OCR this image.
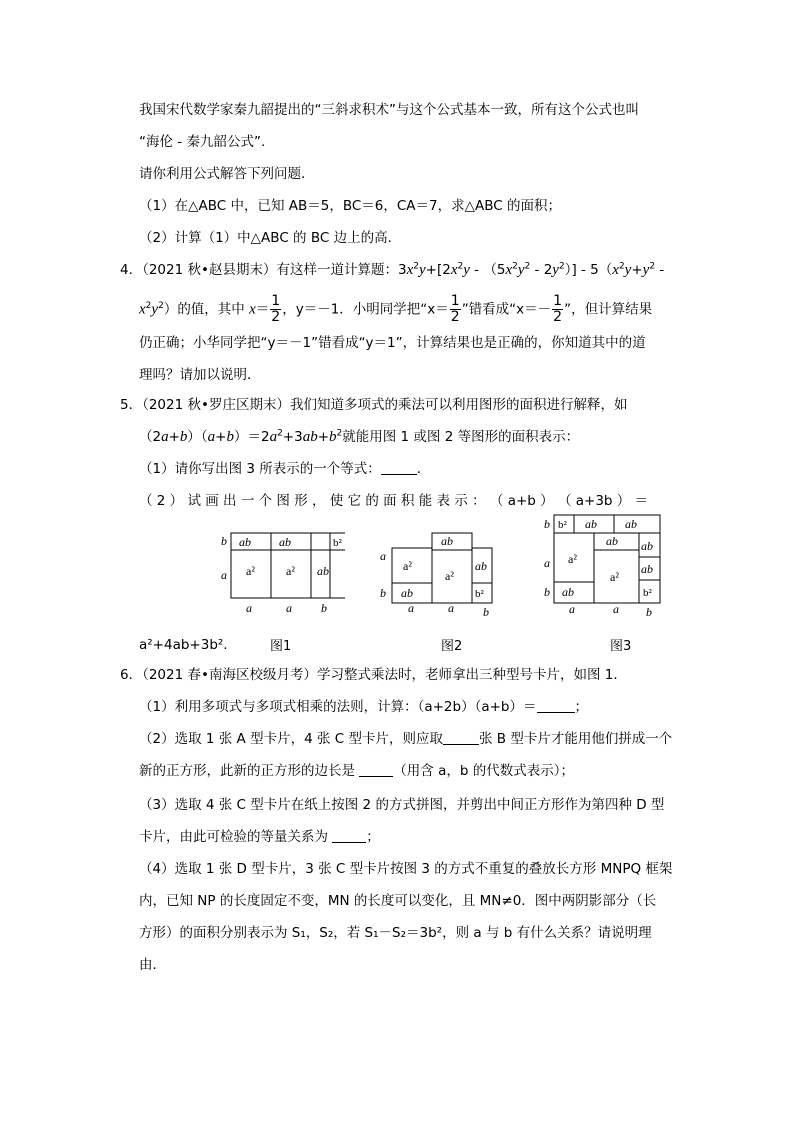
我国宋代数学家秦九韶提出的“三斜求积术”与这个公式基本一致，所有这个公式也叫
“海伦 - 秦九韶公式”.
请你利用公式解答下列问题．
（1）在△ABC 中，已知 AB＝5，BC＝6，CA＝7，求△ABC 的面积；
（2）计算（1）中△ABC 的 BC 边上的高．
4．（2021 秋•赵县期末）有这样一道计算题：$3x^2y+[2x^2y - (5x^2y^2 - 2y^2)] - 5(x^2y+y^2$ -
$x^2y^2$）的值，其中 $x= \frac{1}{2}$ ，y＝－1．小明同学把“$x= \frac{1}{2}$ ”错看成“$x=- \frac{1}{2}$ ”，但计算结果
仍正确；小华同学把“y＝－1”错看成“y＝1”，计算结果也是正确的，你知道其中的道
理吗？请加以说明．
5．（2021 秋•罗庄区期末）我们知道多项式的乘法可以利用图形的面积进行解释，如
$(2a+b)(a+b)=2a^2+3ab+b^2$就能用图 1 或图 2 等图形的面积表示：
（1）请你写出图 3 所表示的一个等式：	．
（ 2 ） 试 画 出 一 个 图 形 ， 使 它 的 面 积 能 表 示 ： （ a+b ） （ a+3b ） ＝
ab ab	b²
a²	a² ab
b
a
a	a b
图1
a²
ab
ab
a²
ab
b²
a
b
a	a b
图2
b² ab ab
a²
ab
ab
a²
ab
ab
b²
b
a
b
a	a b
图3
a²+4ab+3b².
6．（2021 春•南海区校级月考）学习整式乘法时，老师拿出三种型号卡片，如图 1．
（1）利用多项式与多项式相乘的法则，计算：（a+2b）（a+b）＝	；
（2）选取 1 张 A 型卡片，4 张 C 型卡片，则应取	张 B 型卡片才能用他们拼成一个
新的正方形，此新的正方形的边长是	（用含 a，b 的代数式表示）；
（3）选取 4 张 C 型卡片在纸上按图 2 的方式拼图，并剪出中间正方形作为第四种 D 型
卡片，由此可检验的等量关系为	；
（4）选取 1 张 D 型卡片，3 张 C 型卡片按图 3 的方式不重复的叠放长方形 MNPQ 框架
内，已知 NP 的长度固定不变，MN 的长度可以变化，且 MN≠0．图中两阴影部分（长
方形）的面积分别表示为 S₁，S₂，若 S₁－S₂＝3b²，则 a 与 b 有什么关系？请说明理
由．
